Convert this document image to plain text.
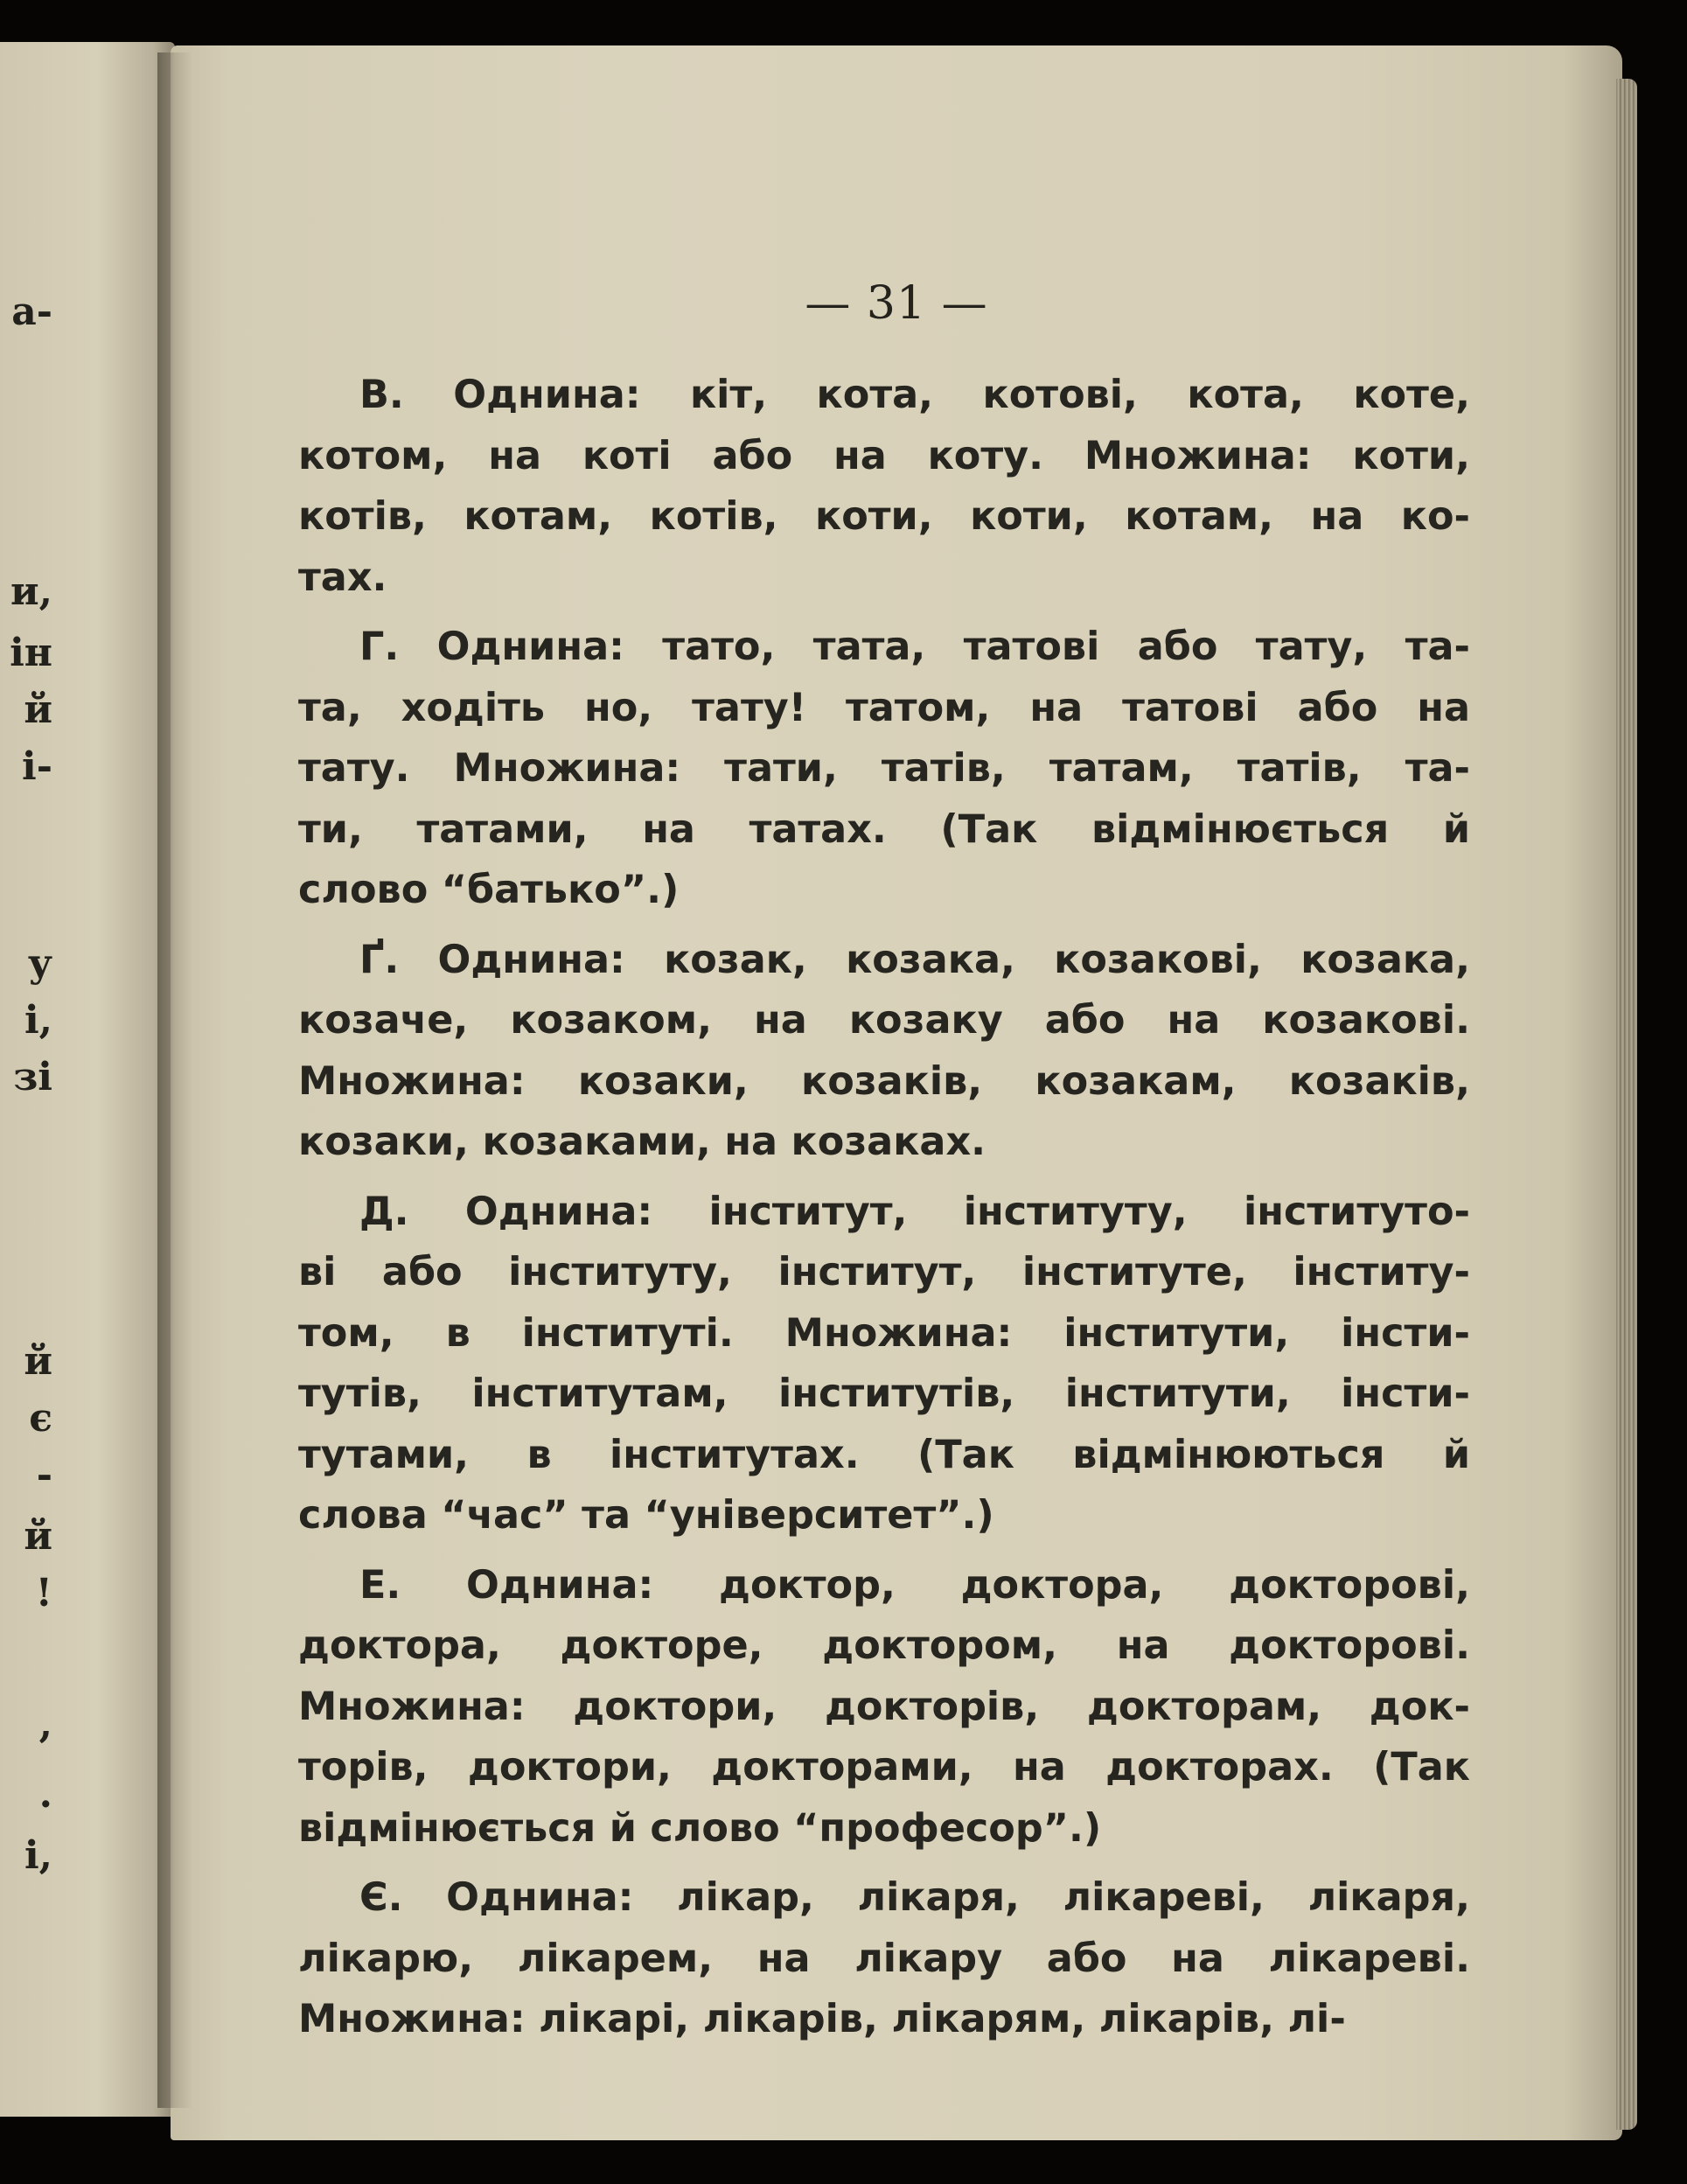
а-
и,
ін
й
і-
у
і,
зі
й
є
-
й
!
,
.
і,
— 31 —
В. Однина: кіт, кота, котові, кота, коте,
котом, на коті або на коту. Множина: коти,
котів, котам, котів, коти, коти, котам, на ко-
тах.
Г. Однина: тато, тата, татові або тату, та-
та, ходіть но, тату! татом, на татові або на
тату. Множина: тати, татів, татам, татів, та-
ти, татами, на татах. (Так відмінюється й
слово “батько”.)
Ґ. Однина: козак, козака, козакові, козака,
козаче, козаком, на козаку або на козакові.
Множина: козаки, козаків, козакам, козаків,
козаки, козаками, на козаках.
Д. Однина: інститут, інституту, інституто-
ві або інституту, інститут, інституте, інститу-
том, в інституті. Множина: інститути, інсти-
тутів, інститутам, інститутів, інститути, інсти-
тутами, в інститутах. (Так відмінюються й
слова “час” та “університет”.)
Е. Однина: доктор, доктора, докторові,
доктора, докторе, доктором, на докторові.
Множина: доктори, докторів, докторам, док-
торів, доктори, докторами, на докторах. (Так
відмінюється й слово “професор”.)
Є. Однина: лікар, лікаря, лікареві, лікаря,
лікарю, лікарем, на лікару або на лікареві.
Множина: лікарі, лікарів, лікарям, лікарів, лі-
